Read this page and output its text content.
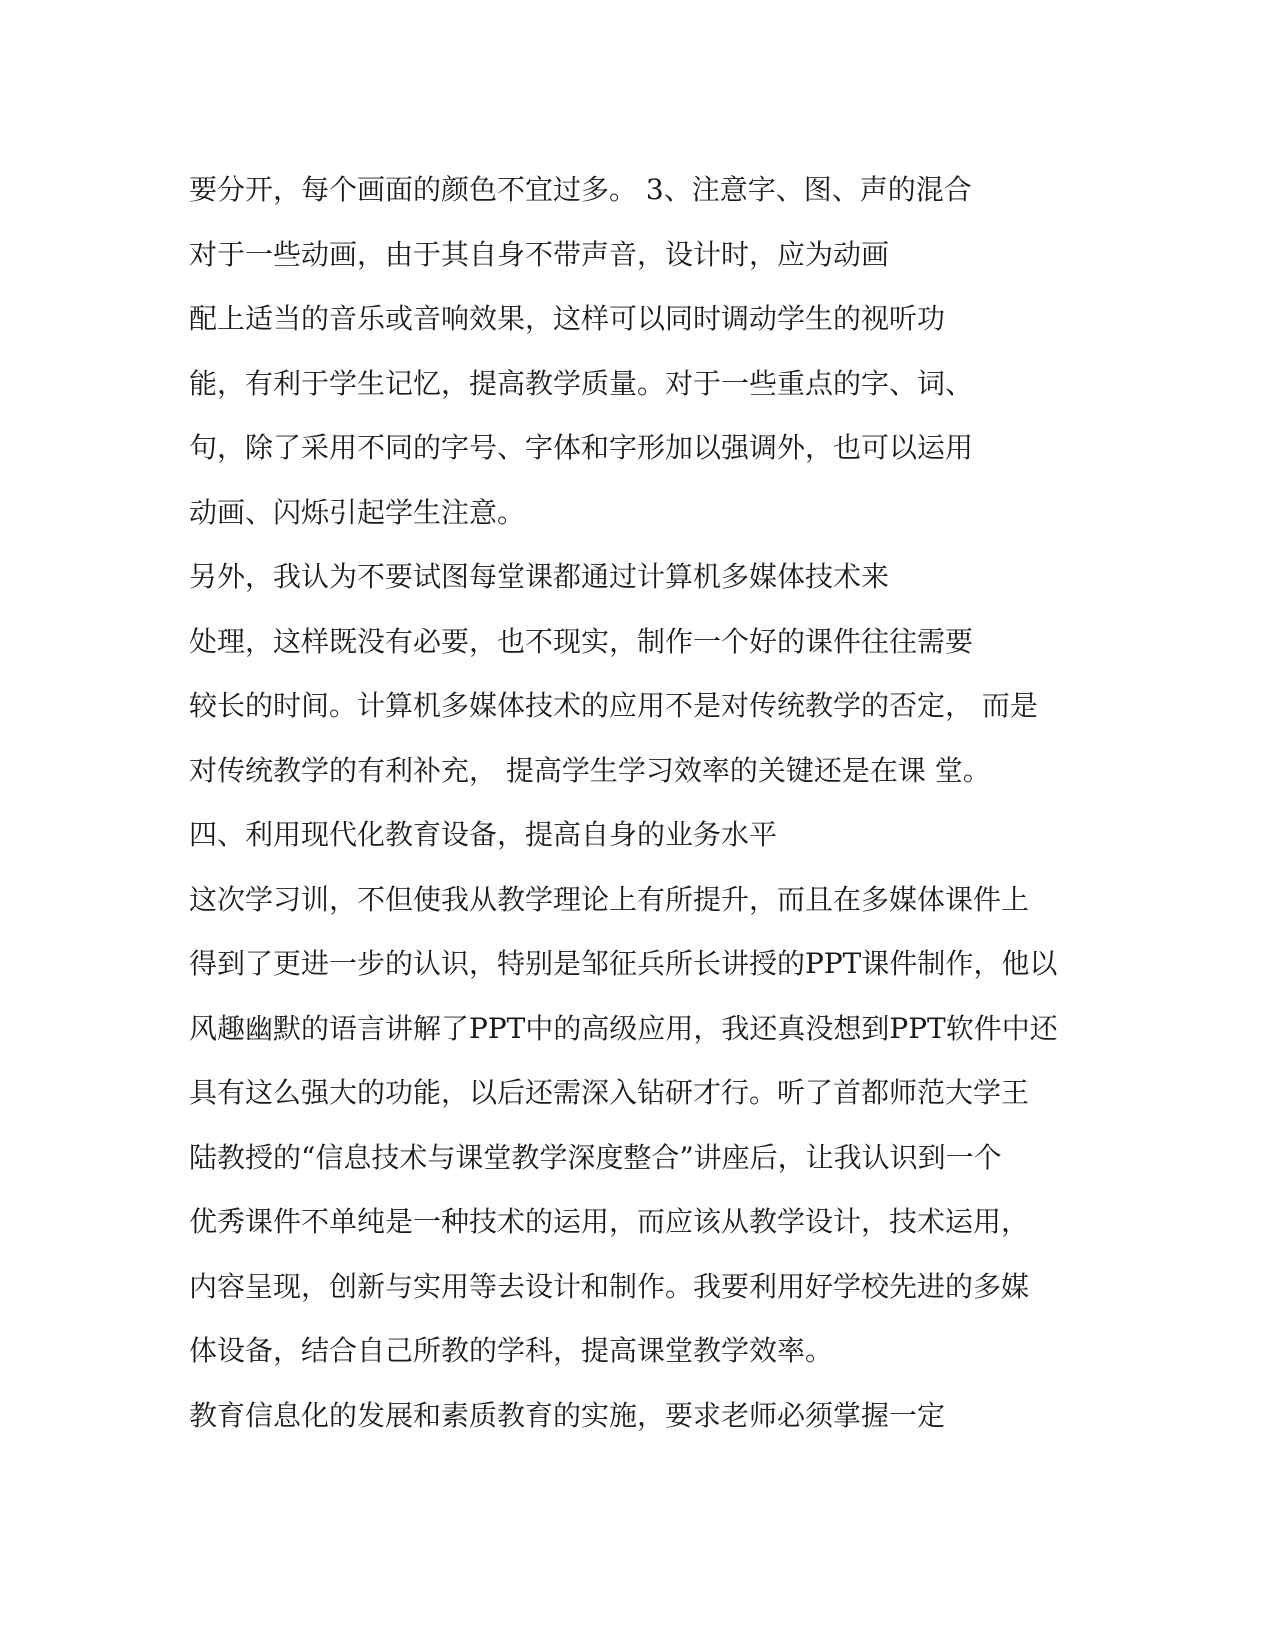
要分开，每个画面的颜色不宜过多。 3、注意字、图、声的混合
对于一些动画，由于其自身不带声音，设计时，应为动画
配上适当的音乐或音响效果，这样可以同时调动学生的视听功
能，有利于学生记忆，提高教学质量。对于一些重点的字、词、
句，除了采用不同的字号、字体和字形加以强调外，也可以运用
动画、闪烁引起学生注意。
另外，我认为不要试图每堂课都通过计算机多媒体技术来
处理，这样既没有必要，也不现实，制作一个好的课件往往需要
较长的时间。计算机多媒体技术的应用不是对传统教学的否定， 而是
对传统教学的有利补充， 提高学生学习效率的关键还是在课 堂。
四、利用现代化教育设备，提高自身的业务水平
这次学习训，不但使我从教学理论上有所提升，而且在多媒体课件上
得到了更进一步的认识，特别是邹征兵所长讲授的PPT课件制作，他以
风趣幽默的语言讲解了PPT中的高级应用，我还真没想到PPT软件中还
具有这么强大的功能，以后还需深入钻研才行。听了首都师范大学王
陆教授的“信息技术与课堂教学深度整合”讲座后，让我认识到一个
优秀课件不单纯是一种技术的运用，而应该从教学设计，技术运用，
内容呈现，创新与实用等去设计和制作。我要利用好学校先进的多媒
体设备，结合自己所教的学科，提高课堂教学效率。
教育信息化的发展和素质教育的实施，要求老师必须掌握一定
